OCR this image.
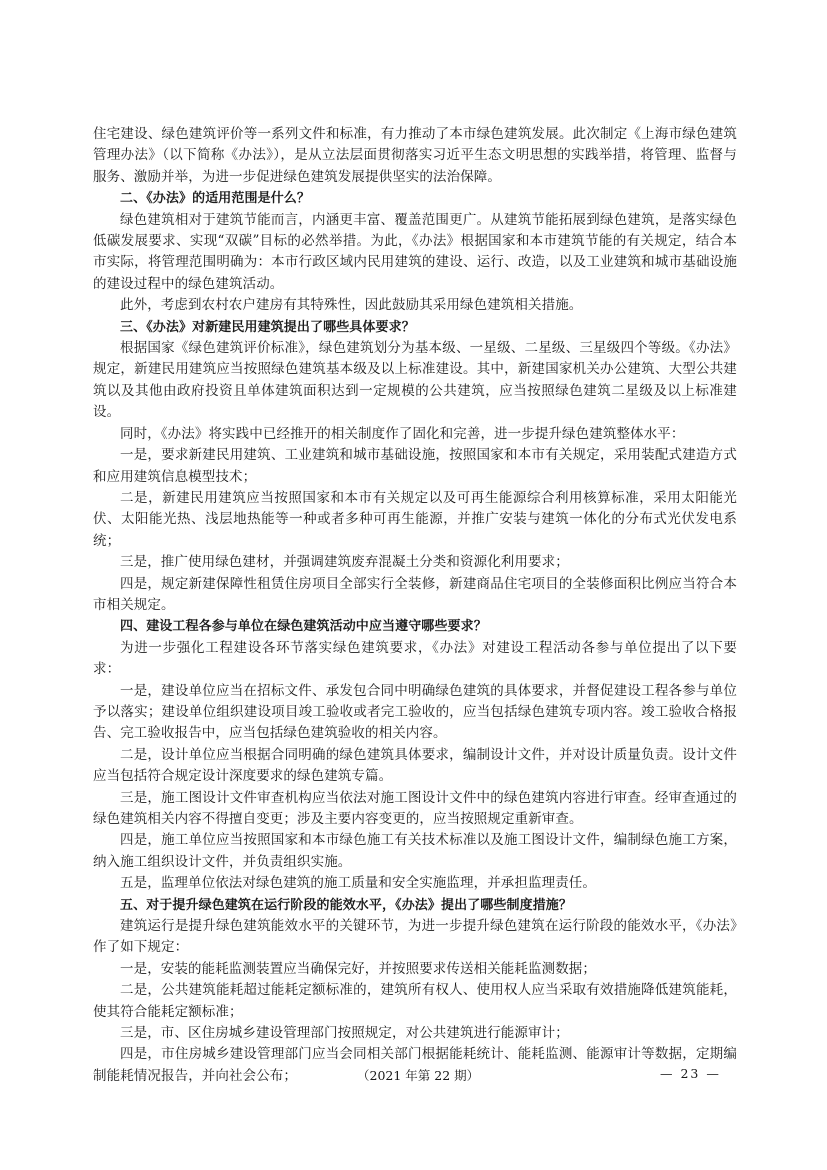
住宅建设、绿色建筑评价等一系列文件和标准，有力推动了本市绿色建筑发展。此次制定《上海市绿色建筑管理办法》（以下简称《办法》），是从立法层面贯彻落实习近平生态文明思想的实践举措，将管理、监督与服务、激励并举，为进一步促进绿色建筑发展提供坚实的法治保障。

二、《办法》的适用范围是什么？

绿色建筑相对于建筑节能而言，内涵更丰富、覆盖范围更广。从建筑节能拓展到绿色建筑，是落实绿色低碳发展要求、实现“双碳”目标的必然举措。为此，《办法》根据国家和本市建筑节能的有关规定，结合本市实际，将管理范围明确为：本市行政区域内民用建筑的建设、运行、改造，以及工业建筑和城市基础设施的建设过程中的绿色建筑活动。

此外，考虑到农村农户建房有其特殊性，因此鼓励其采用绿色建筑相关措施。

三、《办法》对新建民用建筑提出了哪些具体要求？

根据国家《绿色建筑评价标准》，绿色建筑划分为基本级、一星级、二星级、三星级四个等级。《办法》规定，新建民用建筑应当按照绿色建筑基本级及以上标准建设。其中，新建国家机关办公建筑、大型公共建筑以及其他由政府投资且单体建筑面积达到一定规模的公共建筑，应当按照绿色建筑二星级及以上标准建设。

同时，《办法》将实践中已经推开的相关制度作了固化和完善，进一步提升绿色建筑整体水平：

一是，要求新建民用建筑、工业建筑和城市基础设施，按照国家和本市有关规定，采用装配式建造方式和应用建筑信息模型技术；

二是，新建民用建筑应当按照国家和本市有关规定以及可再生能源综合利用核算标准，采用太阳能光伏、太阳能光热、浅层地热能等一种或者多种可再生能源，并推广安装与建筑一体化的分布式光伏发电系统；

三是，推广使用绿色建材，并强调建筑废弃混凝土分类和资源化利用要求；

四是，规定新建保障性租赁住房项目全部实行全装修，新建商品住宅项目的全装修面积比例应当符合本市相关规定。

四、建设工程各参与单位在绿色建筑活动中应当遵守哪些要求？

为进一步强化工程建设各环节落实绿色建筑要求，《办法》对建设工程活动各参与单位提出了以下要求：

一是，建设单位应当在招标文件、承发包合同中明确绿色建筑的具体要求，并督促建设工程各参与单位予以落实；建设单位组织建设项目竣工验收或者完工验收的，应当包括绿色建筑专项内容。竣工验收合格报告、完工验收报告中，应当包括绿色建筑验收的相关内容。

二是，设计单位应当根据合同明确的绿色建筑具体要求，编制设计文件，并对设计质量负责。设计文件应当包括符合规定设计深度要求的绿色建筑专篇。

三是，施工图设计文件审查机构应当依法对施工图设计文件中的绿色建筑内容进行审查。经审查通过的绿色建筑相关内容不得擅自变更；涉及主要内容变更的，应当按照规定重新审查。

四是，施工单位应当按照国家和本市绿色施工有关技术标准以及施工图设计文件，编制绿色施工方案，纳入施工组织设计文件，并负责组织实施。

五是，监理单位依法对绿色建筑的施工质量和安全实施监理，并承担监理责任。

五、对于提升绿色建筑在运行阶段的能效水平，《办法》提出了哪些制度措施？

建筑运行是提升绿色建筑能效水平的关键环节，为进一步提升绿色建筑在运行阶段的能效水平，《办法》作了如下规定：

一是，安装的能耗监测装置应当确保完好，并按照要求传送相关能耗监测数据；

二是，公共建筑能耗超过能耗定额标准的，建筑所有权人、使用权人应当采取有效措施降低建筑能耗，使其符合能耗定额标准；

三是，市、区住房城乡建设管理部门按照规定，对公共建筑进行能源审计；

四是，市住房城乡建设管理部门应当会同相关部门根据能耗统计、能耗监测、能源审计等数据，定期编制能耗情况报告，并向社会公布；	（2021 年第 22 期）	— 23 —
